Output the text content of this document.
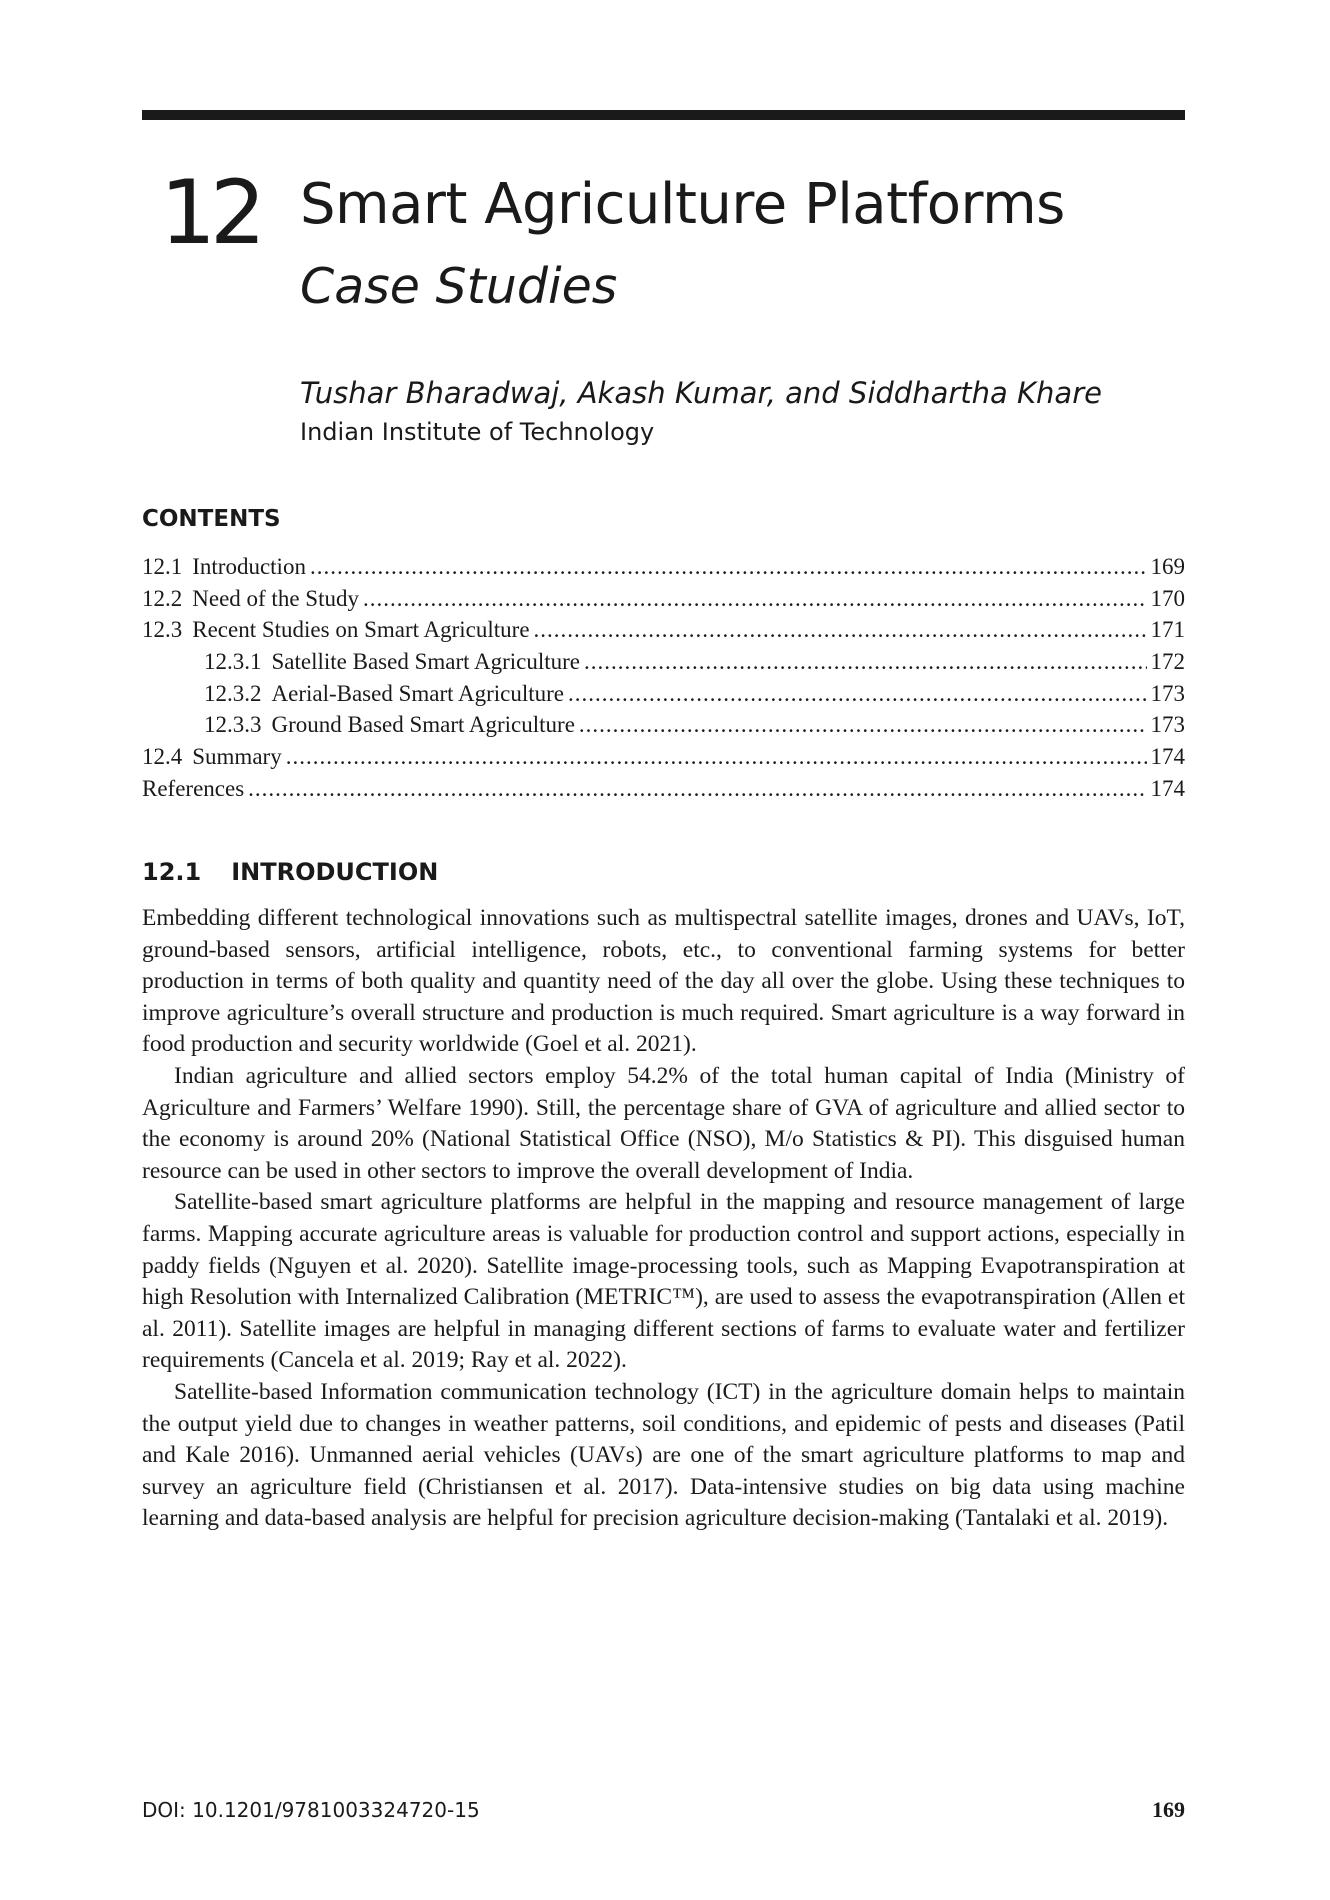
12 Smart Agriculture Platforms
Case Studies
Tushar Bharadwaj, Akash Kumar, and Siddhartha Khare
Indian Institute of Technology
CONTENTS
12.1 Introduction .....	169
12.2 Need of the Study .....	170
12.3 Recent Studies on Smart Agriculture .....	171
12.3.1 Satellite Based Smart Agriculture .....	172
12.3.2 Aerial-Based Smart Agriculture .....	173
12.3.3 Ground Based Smart Agriculture .....	173
12.4 Summary .....	174
References .....	174
12.1 INTRODUCTION

Embedding different technological innovations such as multispectral satellite images, drones and UAVs, IoT, ground-based sensors, artificial intelligence, robots, etc., to conventional farming systems for better production in terms of both quality and quantity need of the day all over the globe. Using these techniques to improve agriculture’s overall structure and production is much required. Smart agriculture is a way forward in food production and security worldwide (Goel et al. 2021).

Indian agriculture and allied sectors employ 54.2% of the total human capital of India (Ministry of Agriculture and Farmers’ Welfare 1990). Still, the percentage share of GVA of agriculture and allied sector to the economy is around 20% (National Statistical Office (NSO), M/o Statistics & PI). This disguised human resource can be used in other sectors to improve the overall development of India.

Satellite-based smart agriculture platforms are helpful in the mapping and resource management of large farms. Mapping accurate agriculture areas is valuable for production control and support actions, especially in paddy fields (Nguyen et al. 2020). Satellite image-processing tools, such as Mapping Evapotranspiration at high Resolution with Internalized Calibration (METRIC™), are used to assess the evapotranspiration (Allen et al. 2011). Satellite images are helpful in managing different sections of farms to evaluate water and fertilizer requirements (Cancela et al. 2019; Ray et al. 2022).

Satellite-based Information communication technology (ICT) in the agriculture domain helps to maintain the output yield due to changes in weather patterns, soil conditions, and epidemic of pests and diseases (Patil and Kale 2016). Unmanned aerial vehicles (UAVs) are one of the smart agriculture platforms to map and survey an agriculture field (Christiansen et al. 2017). Data-intensive studies on big data using machine learning and data-based analysis are helpful for precision agriculture decision-making (Tantalaki et al. 2019).

DOI: 10.1201/9781003324720-15	169
